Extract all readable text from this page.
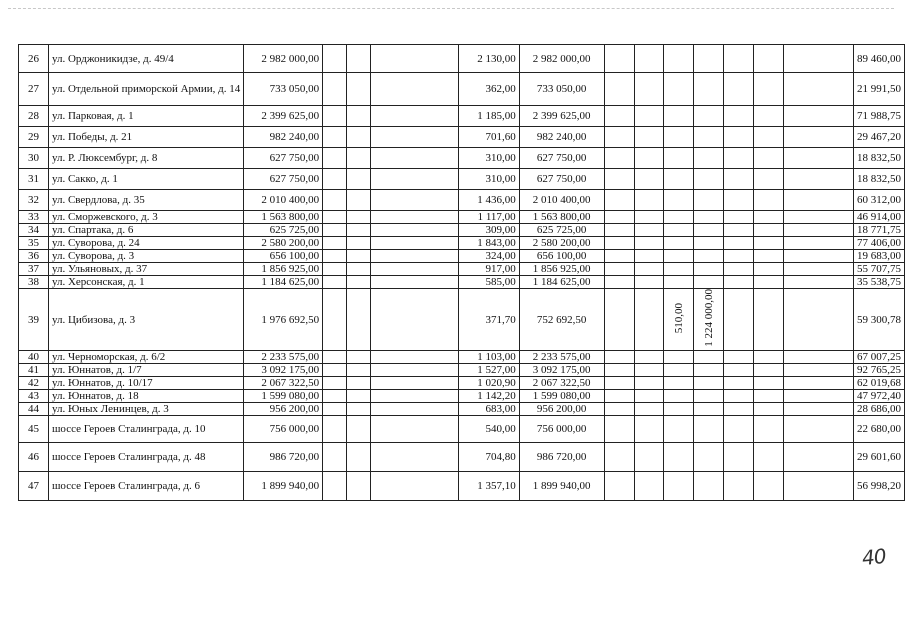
26	ул. Орджоникидзе, д. 49/4	2 982 000,00				2 130,00	2 982 000,00								89 460,00
27	ул. Отдельной приморской Армии, д. 14	733 050,00				362,00	733 050,00								21 991,50
28	ул. Парковая, д. 1	2 399 625,00				1 185,00	2 399 625,00								71 988,75
29	ул. Победы, д. 21	982 240,00				701,60	982 240,00								29 467,20
30	ул. Р. Люксембург, д. 8	627 750,00				310,00	627 750,00								18 832,50
31	ул. Сакко, д. 1	627 750,00				310,00	627 750,00								18 832,50
32	ул. Свердлова, д. 35	2 010 400,00				1 436,00	2 010 400,00								60 312,00
33	ул. Сморжевского, д. 3	1 563 800,00				1 117,00	1 563 800,00								46 914,00
34	ул. Спартака, д. 6	625 725,00				309,00	625 725,00								18 771,75
35	ул. Суворова, д. 24	2 580 200,00				1 843,00	2 580 200,00								77 406,00
36	ул. Суворова, д. 3	656 100,00				324,00	656 100,00								19 683,00
37	ул. Ульяновых, д. 37	1 856 925,00				917,00	1 856 925,00								55 707,75
38	ул. Херсонская, д. 1	1 184 625,00				585,00	1 184 625,00								35 538,75
39	ул. Цибизова, д. 3	1 976 692,50				371,70	752 692,50			510,00	1 224 000,00				59 300,78
40	ул. Черноморская, д. 6/2	2 233 575,00				1 103,00	2 233 575,00								67 007,25
41	ул. Юннатов, д. 1/7	3 092 175,00				1 527,00	3 092 175,00								92 765,25
42	ул. Юннатов, д. 10/17	2 067 322,50				1 020,90	2 067 322,50								62 019,68
43	ул. Юннатов, д. 18	1 599 080,00				1 142,20	1 599 080,00								47 972,40
44	ул. Юных Ленинцев, д. 3	956 200,00				683,00	956 200,00								28 686,00
45	шоссе Героев Сталинграда, д. 10	756 000,00				540,00	756 000,00								22 680,00
46	шоссе Героев Сталинграда, д. 48	986 720,00				704,80	986 720,00								29 601,60
47	шоссе Героев Сталинграда, д. 6	1 899 940,00				1 357,10	1 899 940,00								56 998,20
40
